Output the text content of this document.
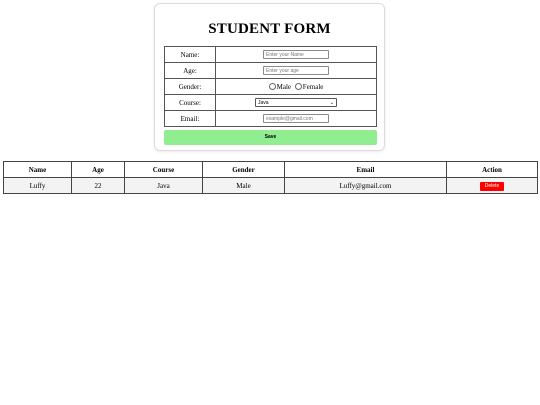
STUDENT FORM
Name:	Enter your Name
Age:	Enter your age
Gender:	Male Female
Course:	Java ⌄

Email:	example@gmail.com
Save
Name	Age	Course	Gender	Email	Action
Luffy	22	Java	Male	Luffy@gmail.com	Delete
